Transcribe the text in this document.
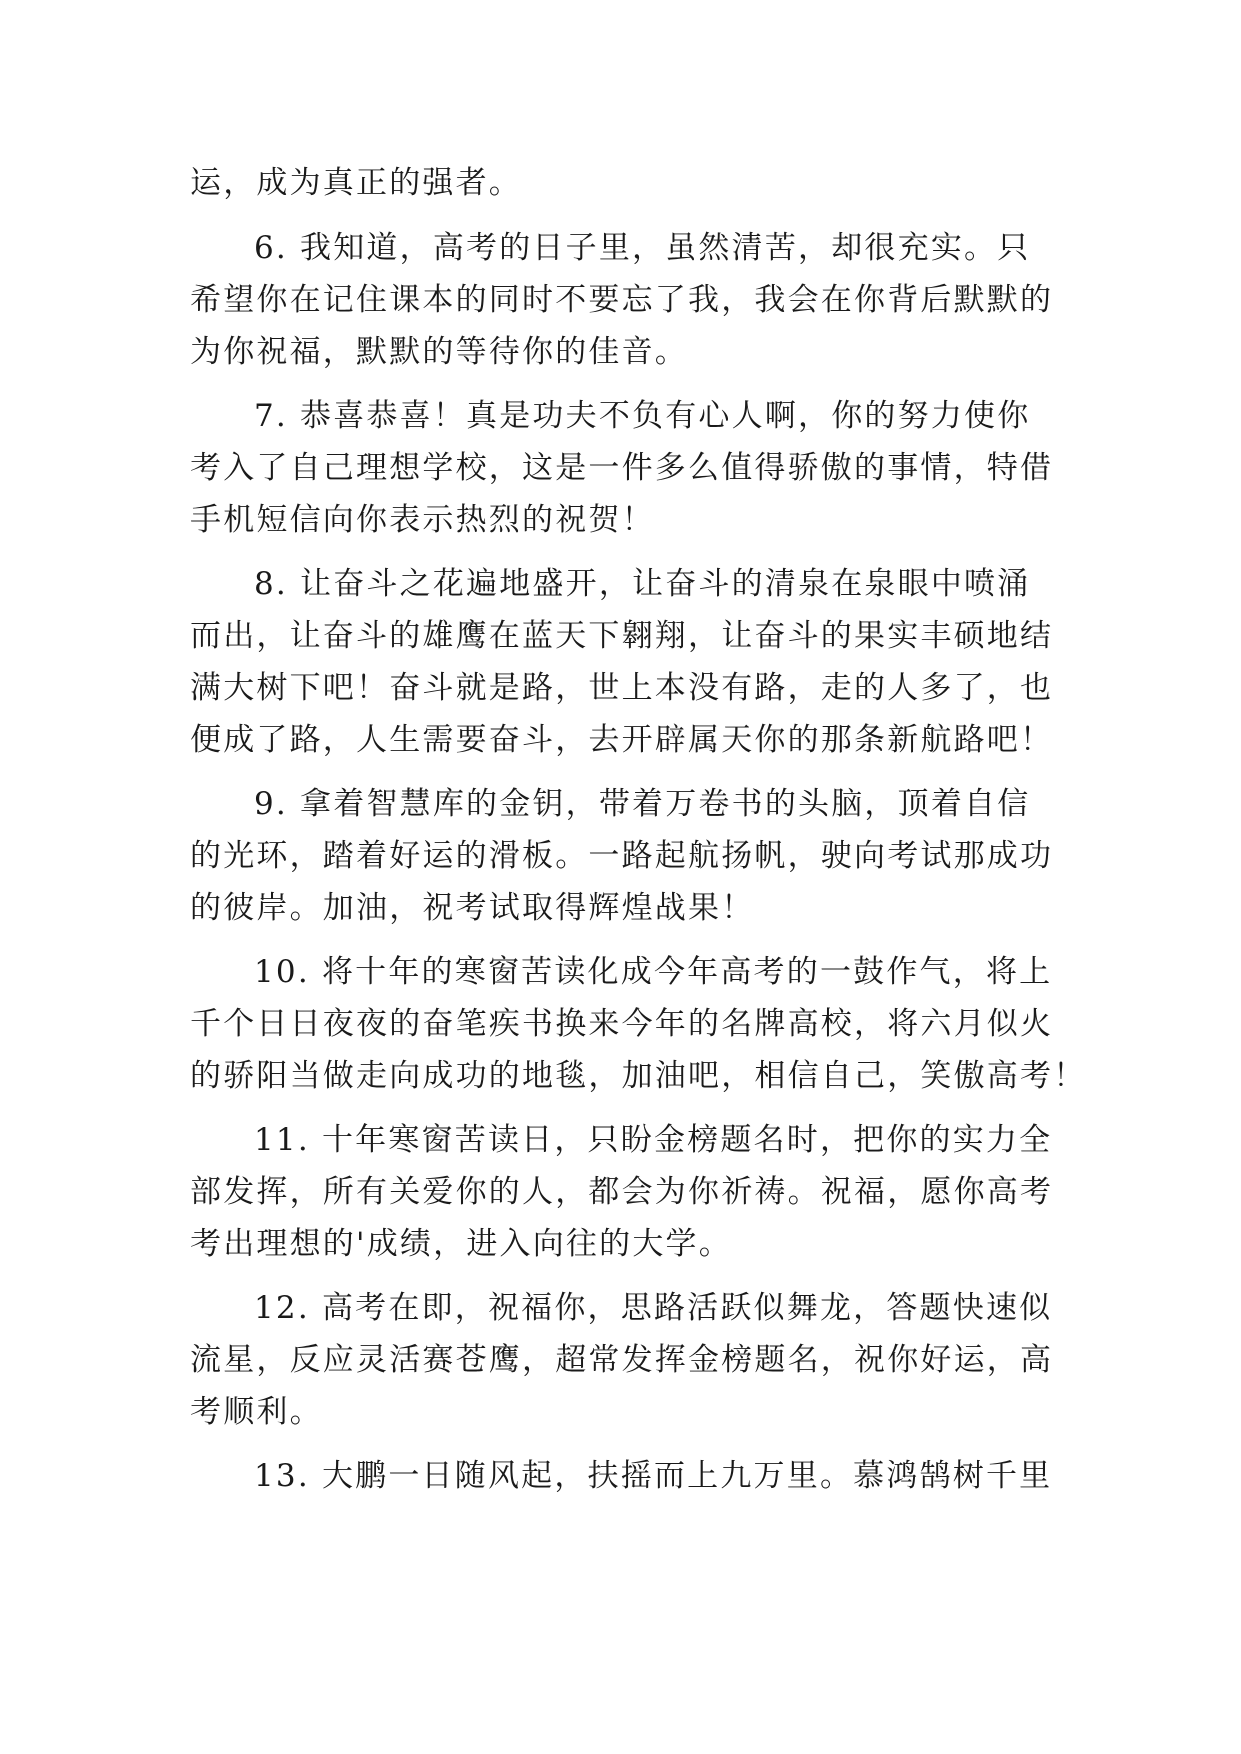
运，成为真正的强者。
6. 我知道，高考的日子里，虽然清苦，却很充实。只
希望你在记住课本的同时不要忘了我，我会在你背后默默的
为你祝福，默默的等待你的佳音。
7. 恭喜恭喜！真是功夫不负有心人啊，你的努力使你
考入了自己理想学校，这是一件多么值得骄傲的事情，特借
手机短信向你表示热烈的祝贺！
8. 让奋斗之花遍地盛开，让奋斗的清泉在泉眼中喷涌
而出，让奋斗的雄鹰在蓝天下翱翔，让奋斗的果实丰硕地结
满大树下吧！奋斗就是路，世上本没有路，走的人多了，也
便成了路，人生需要奋斗，去开辟属天你的那条新航路吧！
9. 拿着智慧库的金钥，带着万卷书的头脑，顶着自信
的光环，踏着好运的滑板。一路起航扬帆，驶向考试那成功
的彼岸。加油，祝考试取得辉煌战果！
10. 将十年的寒窗苦读化成今年高考的一鼓作气，将上
千个日日夜夜的奋笔疾书换来今年的名牌高校，将六月似火
的骄阳当做走向成功的地毯，加油吧，相信自己，笑傲高考！
11. 十年寒窗苦读日，只盼金榜题名时，把你的实力全
部发挥，所有关爱你的人，都会为你祈祷。祝福，愿你高考
考出理想的'成绩，进入向往的大学。
12. 高考在即，祝福你，思路活跃似舞龙，答题快速似
流星，反应灵活赛苍鹰，超常发挥金榜题名，祝你好运，高
考顺利。
13. 大鹏一日随风起，扶摇而上九万里。慕鸿鹄树千里
